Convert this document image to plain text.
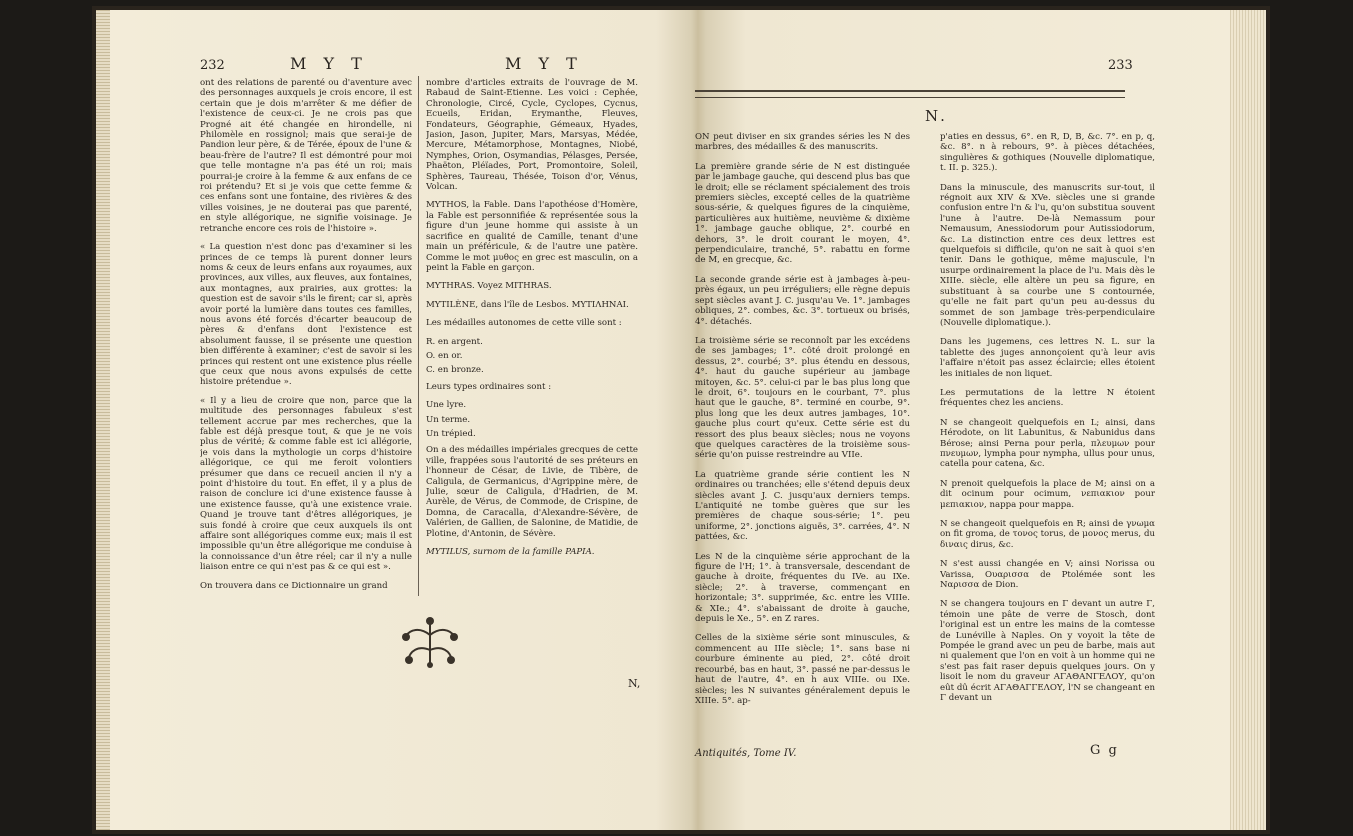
232	M Y T	M Y T

ont des relations de parenté ou d'aventure avec des personnages auxquels je crois encore, il est certain que je dois m'arrêter & me défier de l'existence de ceux-ci. Je ne crois pas que Progné ait été changée en hirondelle, ni Philomèle en rossignol; mais que serai-je de Pandion leur père, & de Térée, époux de l'une & beau-frère de l'autre? Il est démontré pour moi que telle montagne n'a pas été un roi; mais pourrai-je croire à la femme & aux enfans de ce roi prétendu? Et si je vois que cette femme & ces enfans sont une fontaine, des rivières & des villes voisines, je ne douterai pas que parenté, en style allégorique, ne signifie voisinage. Je retranche encore ces rois de l'histoire ».

« La question n'est donc pas d'examiner si les princes de ce temps là purent donner leurs noms & ceux de leurs enfans aux royaumes, aux provinces, aux villes, aux fleuves, aux fontaines, aux montagnes, aux prairies, aux grottes: la question est de savoir s'ils le firent; car si, après avoir porté la lumière dans toutes ces familles, nous avons été forcés d'écarter beaucoup de pères & d'enfans dont l'existence est absolument fausse, il se présente une question bien différente à examiner; c'est de savoir si les princes qui restent ont une existence plus réelle que ceux que nous avons expulsés de cette histoire prétendue ».

« Il y a lieu de croire que non, parce que la multitude des personnages fabuleux s'est tellement accrue par mes recherches, que la fable est déjà presque tout, & que je ne vois plus de vérité; & comme fable est ici allégorie, je vois dans la mythologie un corps d'histoire allégorique, ce qui me feroit volontiers présumer que dans ce recueil ancien il n'y a point d'histoire du tout. En effet, il y a plus de raison de conclure ici d'une existence fausse à une existence fausse, qu'à une existence vraie. Quand je trouve tant d'êtres allégoriques, je suis fondé à croire que ceux auxquels ils ont affaire sont allégoriques comme eux; mais il est impossible qu'un être allégorique me conduise à la connoissance d'un être réel; car il n'y a nulle liaison entre ce qui n'est pas & ce qui est ».

On trouvera dans ce Dictionnaire un grand

nombre d'articles extraits de l'ouvrage de M. Rabaud de Saint-Etienne. Les voici : Cephée, Chronologie, Circé, Cycle, Cyclopes, Cycnus, Ecueils, Eridan, Erymanthe, Fleuves, Fondateurs, Géographie, Gémeaux, Hyades, Jasion, Jason, Jupiter, Mars, Marsyas, Médée, Mercure, Métamorphose, Montagnes, Niobé, Nymphes, Orion, Osymandias, Pélasges, Persée, Phaëton, Pléïades, Port, Promontoire, Soleil, Sphères, Taureau, Thésée, Toison d'or, Vénus, Volcan.

MYTHOS, la Fable. Dans l'apothéose d'Homère, la Fable est personnifiée & représentée sous la figure d'un jeune homme qui assiste à un sacrifice en qualité de Camille, tenant d'une main un préféricule, & de l'autre une patère. Comme le mot μυθος en grec est masculin, on a peint la Fable en garçon.

MYTHRAS. Voyez MITHRAS.

MYTILÈNE, dans l'île de Lesbos. ΜΥΤΙΛΗΝΑΙ.

Les médailles autonomes de cette ville sont :

R. en argent.

O. en or.

C. en bronze.

Leurs types ordinaires sont :

Une lyre.

Un terme.

Un trépied.

On a des médailles impériales grecques de cette ville, frappées sous l'autorité de ses préteurs en l'honneur de César, de Livie, de Tibère, de Caligula, de Germanicus, d'Agrippine mère, de Julie, sœur de Caligula, d'Hadrien, de M. Aurèle, de Vérus, de Commode, de Crispine, de Domna, de Caracalla, d'Alexandre-Sévère, de Valérien, de Gallien, de Salonine, de Matidie, de Plotine, d'Antonin, de Sévère.

MYTILUS, surnom de la famille PAPIA.

N,
233
N.

ON peut diviser en six grandes séries les N des marbres, des médailles & des manuscrits.

La première grande série de N est distinguée par le jambage gauche, qui descend plus bas que le droit; elle se réclament spécialement des trois premiers siècles, excepté celles de la quatrième sous-série, & quelques figures de la cinquième, particulières aux huitième, neuvième & dixième 1°. jambage gauche oblique, 2°. courbé en dehors, 3°. le droit courant le moyen, 4°. perpendiculaire, tranché, 5°. rabattu en forme de M, en grecque, &c.

La seconde grande série est à jambages à-peu-près égaux, un peu irréguliers; elle règne depuis sept siècles avant J. C. jusqu'au Ve. 1°. jambages obliques, 2°. combes, &c. 3°. tortueux ou brisés, 4°. détachés.

La troisième série se reconnoît par les excédens de ses jambages; 1°. côté droit prolongé en dessus, 2°. courbé; 3°. plus étendu en dessous, 4°. haut du gauche supérieur au jambage mitoyen, &c. 5°. celui-ci par le bas plus long que le droit, 6°. toujours en le courbant, 7°. plus haut que le gauche, 8°. terminé en courbe, 9°. plus long que les deux autres jambages, 10°. gauche plus court qu'eux. Cette série est du ressort des plus beaux siècles; nous ne voyons que quelques caractères de la troisième sous-série qu'on puisse restreindre au VIIe.

La quatrième grande série contient les N ordinaires ou tranchées; elle s'étend depuis deux siècles avant J. C. jusqu'aux derniers temps. L'antiquité ne tombe guères que sur les premières de chaque sous-série; 1°. peu uniforme, 2°. jonctions aiguës, 3°. carrées, 4°. N pattées, &c.

Les N de la cinquième série approchant de la figure de l'H; 1°. à transversale, descendant de gauche à droite, fréquentes du IVe. au IXe. siècle; 2°. à traverse, commençant en horizontale; 3°. supprimée, &c. entre les VIIIe. & XIe.; 4°. s'abaissant de droite à gauche, depuis le Xe., 5°. en Z rares.

Celles de la sixième série sont minuscules, & commencent au IIIe siècle; 1°. sans base ni courbure éminente au pied, 2°. côté droit recourbé, bas en haut, 3°. passé ne par-dessus le haut de l'autre, 4°. en h aux VIIIe. ou IXe. siècles; les N suivantes généralement depuis le XIIIe. 5°. ap-

p'aties en dessus, 6°. en R, D, B, &c. 7°. en p, q, &c. 8°. n à rebours, 9°. à pièces détachées, singulières & gothiques (Nouvelle diplomatique, t. II. p. 325.).

Dans la minuscule, des manuscrits sur-tout, il régnoit aux XIV & XVe. siècles une si grande confusion entre l'n & l'u, qu'on substitua souvent l'une à l'autre. De-là Nemassum pour Nemausum, Anessiodorum pour Autissiodorum, &c. La distinction entre ces deux lettres est quelquefois si difficile, qu'on ne sait à quoi s'en tenir. Dans le gothique, même majuscule, l'n usurpe ordinairement la place de l'u. Mais dès le XIIIe. siècle, elle altère un peu sa figure, en substituant à sa courbe une S contournée, qu'elle ne fait part qu'un peu au-dessus du sommet de son jambage très-perpendiculaire (Nouvelle diplomatique.).

Dans les jugemens, ces lettres N. L. sur la tablette des juges annonçoient qu'à leur avis l'affaire n'étoit pas assez éclaircie; elles étoient les initiales de non liquet.

Les permutations de la lettre N étoient fréquentes chez les anciens.

N se changeoit quelquefois en L; ainsi, dans Hérodote, on lit Labunitus, & Nabunidus dans Bérose; ainsi Perna pour perla, πλευμων pour πνευμων, lympha pour nympha, ullus pour unus, catella pour catena, &c.

N prenoit quelquefois la place de M; ainsi on a dit ocinum pour ocimum, νεπιακιον pour μεπιακιον, nappa pour mappa.

N se changeoit quelquefois en R; ainsi de γνωμα on fit groma, de τονος torus, de μονος merus, du διναις dirus, &c.

N s'est aussi changée en V; ainsi Norissa ou Varissa, Ουαρισσα de Ptolémée sont les Ναρισσα de Dion.

N se changera toujours en Γ devant un autre Γ, témoin une pâte de verre de Stosch, dont l'original est un entre les mains de la comtesse de Lunéville à Naples. On y voyoit la tête de Pompée le grand avec un peu de barbe, mais aut ni qualement que l'on en voit à un homme qui ne s'est pas fait raser depuis quelques jours. On y lisoit le nom du graveur ΑΓΑΘΑΝΓΕΛΟΥ, qu'on eût dû écrit ΑΓΑΘΑΓΓΕΛΟΥ, l'N se changeant en Γ devant un

Antiquités, Tome IV.	G g
